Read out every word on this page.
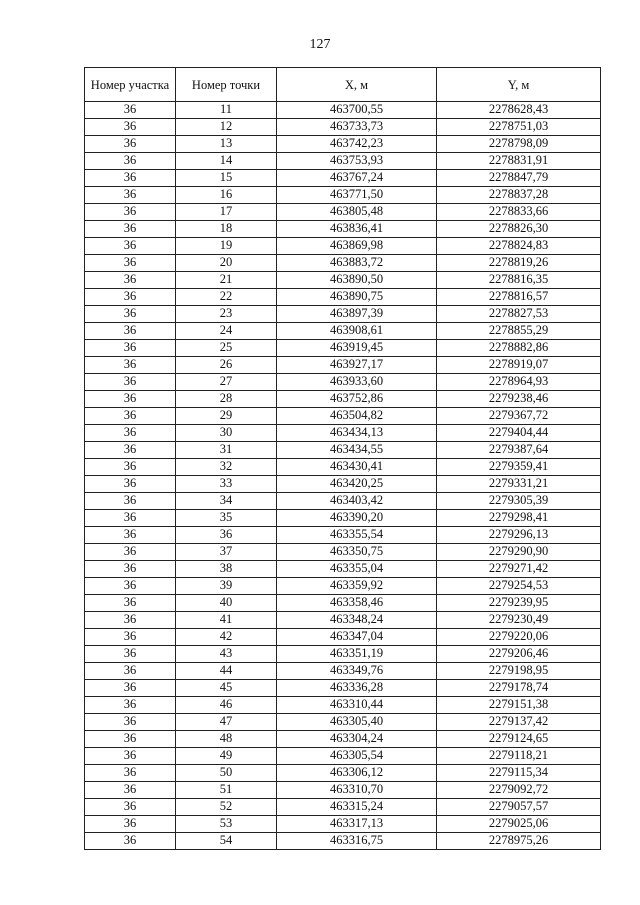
127
Номер участка	Номер точки	X, м	Y, м
36	11	463700,55	2278628,43
36	12	463733,73	2278751,03
36	13	463742,23	2278798,09
36	14	463753,93	2278831,91
36	15	463767,24	2278847,79
36	16	463771,50	2278837,28
36	17	463805,48	2278833,66
36	18	463836,41	2278826,30
36	19	463869,98	2278824,83
36	20	463883,72	2278819,26
36	21	463890,50	2278816,35
36	22	463890,75	2278816,57
36	23	463897,39	2278827,53
36	24	463908,61	2278855,29
36	25	463919,45	2278882,86
36	26	463927,17	2278919,07
36	27	463933,60	2278964,93
36	28	463752,86	2279238,46
36	29	463504,82	2279367,72
36	30	463434,13	2279404,44
36	31	463434,55	2279387,64
36	32	463430,41	2279359,41
36	33	463420,25	2279331,21
36	34	463403,42	2279305,39
36	35	463390,20	2279298,41
36	36	463355,54	2279296,13
36	37	463350,75	2279290,90
36	38	463355,04	2279271,42
36	39	463359,92	2279254,53
36	40	463358,46	2279239,95
36	41	463348,24	2279230,49
36	42	463347,04	2279220,06
36	43	463351,19	2279206,46
36	44	463349,76	2279198,95
36	45	463336,28	2279178,74
36	46	463310,44	2279151,38
36	47	463305,40	2279137,42
36	48	463304,24	2279124,65
36	49	463305,54	2279118,21
36	50	463306,12	2279115,34
36	51	463310,70	2279092,72
36	52	463315,24	2279057,57
36	53	463317,13	2279025,06
36	54	463316,75	2278975,26
